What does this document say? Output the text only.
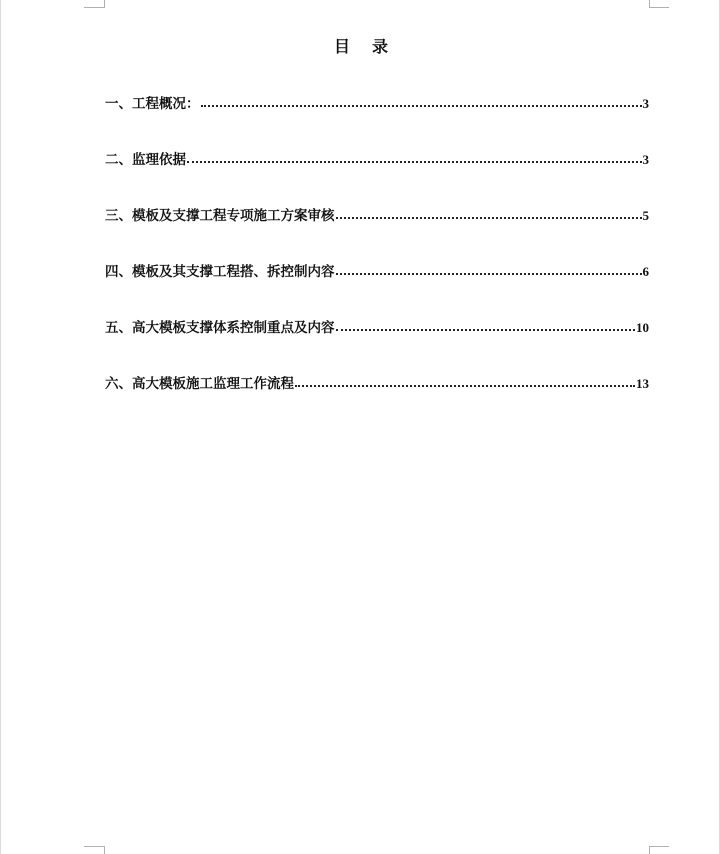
目 录
一、工程概况：	3
二、监理依据	3
三、模板及支撑工程专项施工方案审核	5
四、模板及其支撑工程搭、拆控制内容	6
五、高大模板支撑体系控制重点及内容	10
六、高大模板施工监理工作流程	13
